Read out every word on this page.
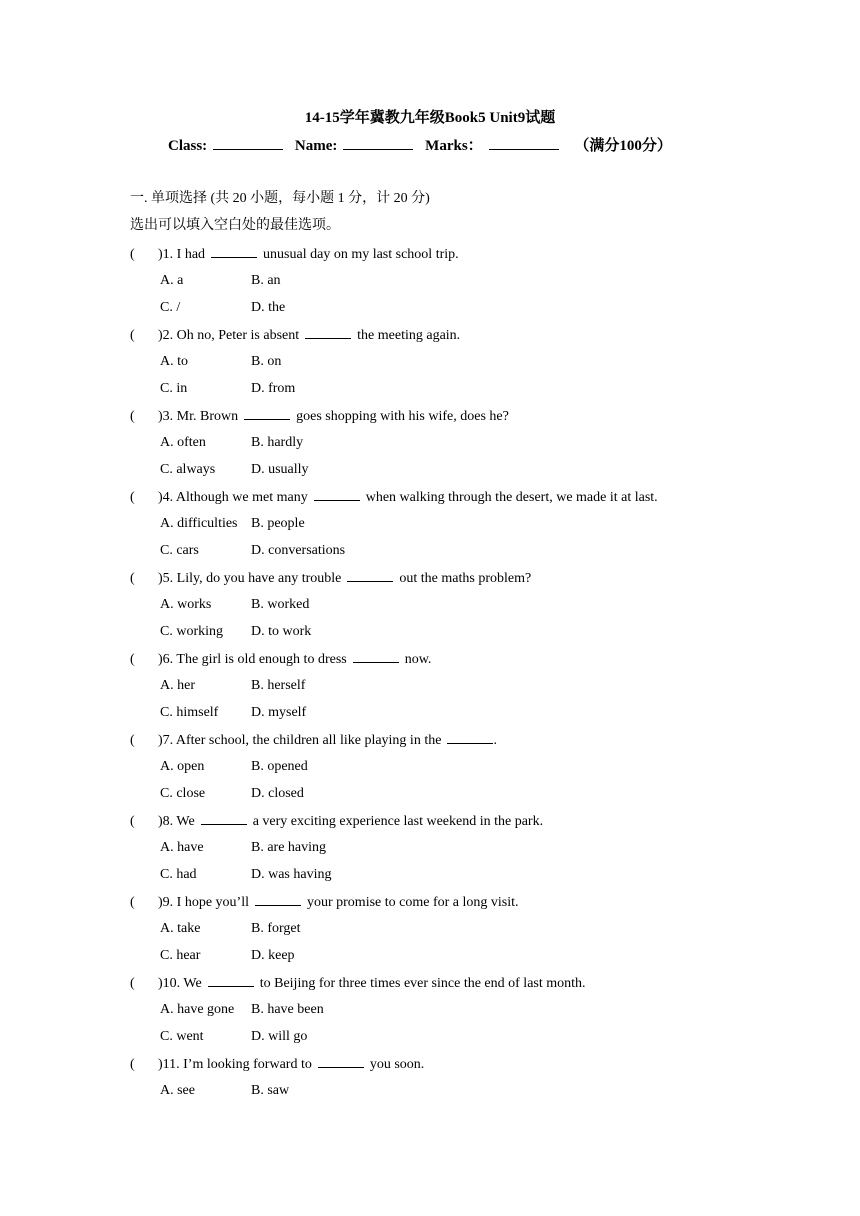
14-15学年冀教九年级Book5 Unit9试题
Class:	Name:	Marks：	（满分100分）
一. 单项选择 (共 20 小题，每小题 1 分，计 20 分)
选出可以填入空白处的最佳选项。
( )1. I had	unusual day on my last school trip.
A. a	B. an
C. /	D. the
( )2. Oh no, Peter is absent	the meeting again.
A. to	B. on
C. in	D. from
( )3. Mr. Brown	goes shopping with his wife, does he?
A. often	B. hardly
C. always	D. usually
( )4. Although we met many	when walking through the desert, we made it at last.
A. difficulties B. people
C. cars	D. conversations
( )5. Lily, do you have any trouble	out the maths problem?
A. works	B. worked
C. working D. to work
( )6. The girl is old enough to dress	now.
A. her	B. herself
C. himself D. myself
( )7. After school, the children all like playing in the	.
A. open	B. opened
C. close	D. closed
( )8. We	a very exciting experience last weekend in the park.
A. have	B. are having
C. had	D. was having
( )9. I hope you’ll	your promise to come for a long visit.
A. take	B. forget
C. hear	D. keep
( )10. We	to Beijing for three times ever since the end of last month.
A. have gone B. have been
C. went	D. will go
( )11. I’m looking forward to	you soon.
A. see	B. saw
